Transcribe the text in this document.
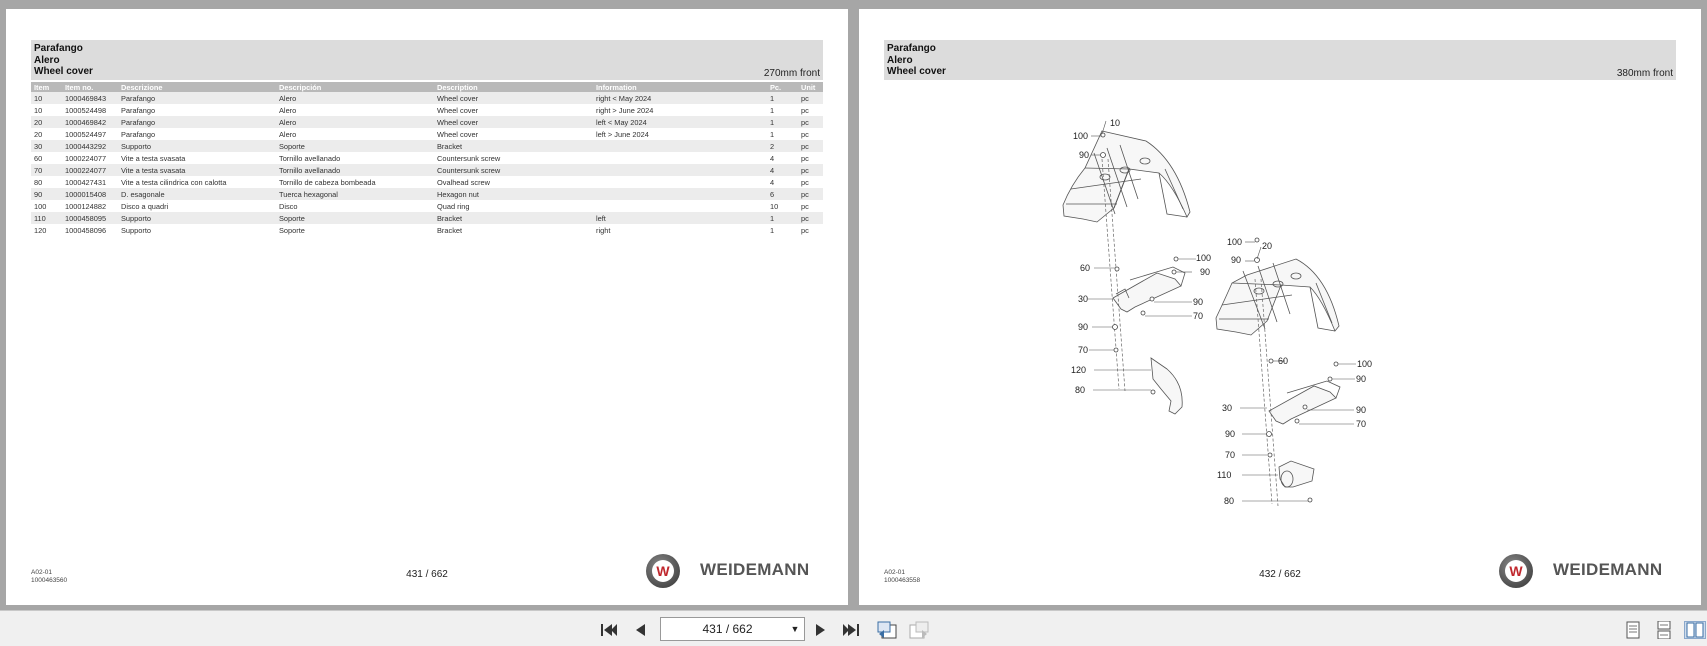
Parafango
Alero
Wheel cover	270mm front
Item	Item no.	Descrizione	Descripción	Description	Information	Pc.	Unit
10	1000469843	Parafango	Alero	Wheel cover	right < May 2024	1	pc
10	1000524498	Parafango	Alero	Wheel cover	right > June 2024	1	pc
20	1000469842	Parafango	Alero	Wheel cover	left < May 2024	1	pc
20	1000524497	Parafango	Alero	Wheel cover	left > June 2024	1	pc
30	1000443292	Supporto	Soporte	Bracket		2	pc
60	1000224077	Vite a testa svasata	Tornillo avellanado	Countersunk screw		4	pc
70	1000224077	Vite a testa svasata	Tornillo avellanado	Countersunk screw		4	pc
80	1000427431	Vite a testa cilindrica con calotta	Tornillo de cabeza bombeada	Ovalhead screw		4	pc
90	1000015408	D. esagonale	Tuerca hexagonal	Hexagon nut		6	pc
100	1000124882	Disco a quadri	Disco	Quad ring		10	pc
110	1000458095	Supporto	Soporte	Bracket	left	1	pc
120	1000458096	Supporto	Soporte	Bracket	right	1	pc
A02-01
1000463560
431 / 662	W WEIDEMANN
Parafango
Alero
Wheel cover	380mm front
100
10
90
60
100
90
30
90
70
90
70
120
80
100 20
90
60	100
90
30	90
70
90
70
110
80
A02-01
1000463558
432 / 662	W WEIDEMANN
431 / 662	▼
